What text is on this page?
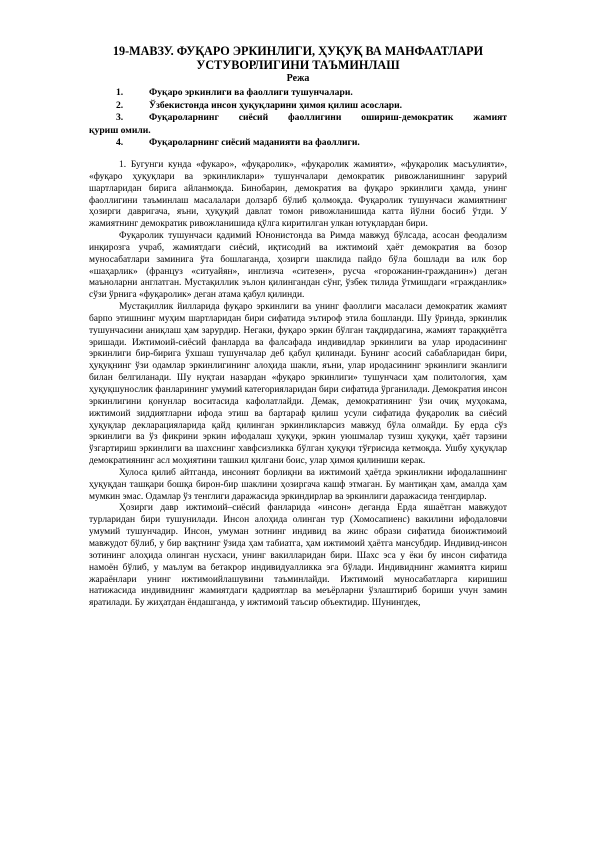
19-МАВЗУ. ФУҚАРО ЭРКИНЛИГИ, ҲУҚУҚ ВА МАНФААТЛАРИ УСТУВОРЛИГИНИ ТАЪМИНЛАШ
Режа
1.	Фуқаро эркинлиги ва фаоллиги тушунчалари.
2.	Ўзбекистонда инсон ҳуқуқларини ҳимоя қилиш асослари.
3.	Фуқароларнинг сиёсий фаоллигини ошириш-демократик жамият
қуриш омили.
4.	Фуқароларнинг сиёсий маданияти ва фаоллиги.

1. Бугунги кунда «фукаро», «фуқаролик», «фуқаролик жамияти», «фуқаролик масъулияти», «фуқаро ҳуқуқлари ва эркинликлари» тушунчалари демократик ривожланишнинг зарурий шартларидан бирига айланмоқда. Бинобарин, демократия ва фуқаро эркинлиги ҳамда, унинг фаоллигини таъминлаш масалалари долзарб бўлиб қолмоқда. Фуқаролик тушунчаси жамиятнинг ҳозирги давригача, яъни, ҳуқуқий давлат томон ривожланишида катта йўлни босиб ўтди. У жамиятнинг демократик ривожланишида қўлга киритилган улкан ютуқлардан бири.

Фуқаролик тушунчаси қадимий Юнонистонда ва Римда мавжуд бўлсада, асосан феодализм инқирозга учраб, жамиятдаги сиёсий, иқтисодий ва ижтимоий ҳаёт демократия ва бозор муносабатлари заминига ўта бошлаганда, ҳозирги шаклида пайдо бўла бошлади ва илк бор «шаҳарлик» (француз «ситуайян», инглизча «ситезен», руcча «горожанин-гражданин») деган маъноларни англатган. Мустақиллик эълон қилингандан сўнг, ўзбек тилида ўтмишдаги «гражданлик» сўзи ўрнига «фуқаролик» деган атама қабул қилинди.

Мустақиллик йилларида фуқаро эркинлиги ва унинг фаоллиги масаласи демократик жамият барпо этишнинг муҳим шартларидан бири сифатида эътироф этила бошланди. Шу ўринда, эркинлик тушунчасини аниқлаш ҳам зарурдир. Негаки, фуқаро эркин бўлган тақдирдагина, жамият тараққиётга эришади. Ижтимоий-сиёсий фанларда ва фалсафада индивидлар эркинлиги ва улар иродасининг эркинлиги бир-бирига ўхшаш тушунчалар деб қабул қилинади. Бунинг асосий сабабларидан бири, ҳуқуқнинг ўзи одамлар эркинлигининг алоҳида шакли, яъни, улар иродасининг эркинлиги эканлиги билан белгиланади. Шу нуқтаи назардан «фуқаро эркинлиги» тушунчаси ҳам политология, ҳам ҳуқуқшунослик фанларининг умумий категорияларидан бири сифатида ўрганилади. Демократия инсон эркинлигини қонунлар воситасида кафолатлайди. Демак, демократиянинг ўзи очиқ муҳокама, ижтимоий зиддиятларни ифода этиш ва бартараф қилиш усули сифатида фуқаролик ва сиёсий ҳуқуқлар декларацияларида қайд қилинган эркинликларсиз мавжуд бўла олмайди. Бу ерда сўз эркинлиги ва ўз фикрини эркин ифодалаш ҳуқуқи, эркин уюшмалар тузиш ҳуқуқи, ҳаёт тарзини ўзгартириш эркинлиги ва шахснинг хавфсизликка бўлган ҳуқуқи тўғрисида кетмоқда. Ушбу ҳуқуқлар демократиянинг асл моҳиятини ташкил қилгани боис, улар ҳимоя қилиниши керак.

Хулоса қилиб айтганда, инсоният борлиқни ва ижтимоий ҳаётда эркинликни ифодалашнинг ҳуқуқдан ташқари бошқа бирон-бир шаклини ҳозиргача кашф этмаган. Бу мантиқан ҳам, амалда ҳам мумкин эмас. Одамлар ўз тенглиги даражасида эркиндирлар ва эркинлиги даражасида тенгдирлар.

Ҳозирги давр ижтимоий–сиёсий фанларида «инсон» деганда Ерда яшаётган мавжудот турларидан бири тушунилади. Инсон алоҳида олинган тур (Хомосапиенс) вакилини ифодаловчи умумий тушунчадир. Инсон, умуман зотнинг индивид ва жинс образи сифатида биоижтимоий мавжудот бўлиб, у бир вақтнинг ўзида ҳам табиатга, ҳам ижтимоий ҳаётга мансубдир. Индивид-инсон зотининг алоҳида олинган нусхаси, унинг вакилларидан бири. Шахс эса у ёки бу инсон сифатида намоён бўлиб, у маълум ва бетакрор индивидуалликка эга бўлади. Индивиднинг жамиятга кириш жараёнлари унинг ижтимоийлашувини таъминлайди. Ижтимоий муносабатларга киришиш натижасида индивиднинг жамиятдаги қадриятлар ва меъёрларни ўзлаштириб бориши учун замин яратилади. Бу жиҳатдан ёндашганда, у ижтимоий таъсир объектидир. Шунингдек,
